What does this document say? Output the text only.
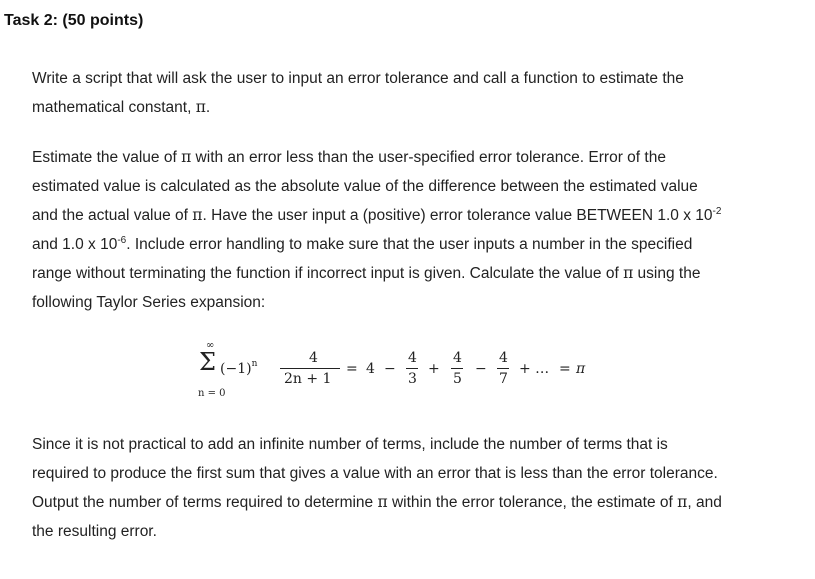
Task 2: (50 points)

Write a script that will ask the user to input an error tolerance and call a function to estimate the
mathematical constant, π.

Estimate the value of π with an error less than the user-specified error tolerance. Error of the
estimated value is calculated as the absolute value of the difference between the estimated value
and the actual value of π. Have the user input a (positive) error tolerance value BETWEEN 1.0 x $10^{-2}$
and 1.0 x $10^{-6}$. Include error handling to make sure that the user inputs a number in the specified
range without terminating the function if incorrect input is given. Calculate the value of π using the
following Taylor Series expansion:

∞
Σ
n = 0
$(-1)^n$	4
2n + 1
= 4 −
4
3
+
4
5
−
4
7
+ … = π

Since it is not practical to add an infinite number of terms, include the number of terms that is
required to produce the first sum that gives a value with an error that is less than the error tolerance.
Output the number of terms required to determine π within the error tolerance, the estimate of π, and
the resulting error.
